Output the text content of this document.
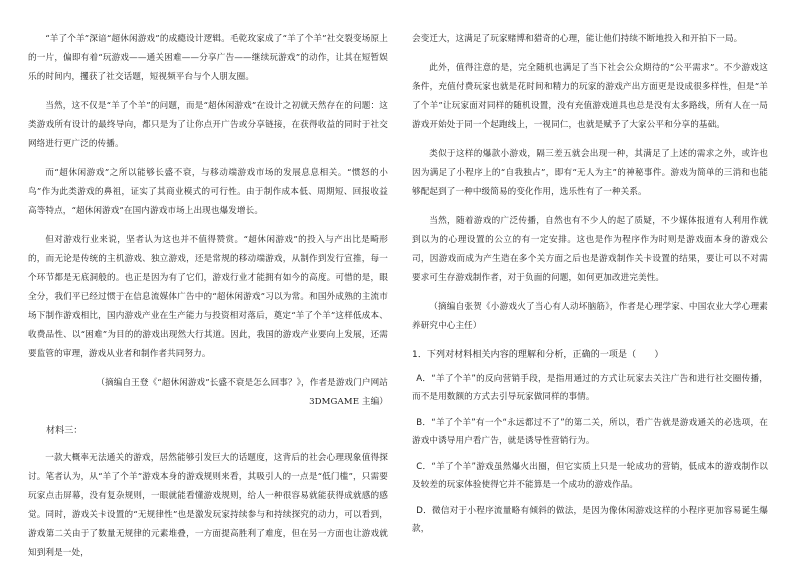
“羊了个羊”深谙“超休闲游戏”的成瘾设计逻辑。毛乾玫家成了“羊了个羊”社交裂变场原上的一片，偏即有着“玩游戏——通关困难——分享广告——继续玩游戏”的动作，让其在短暂娱乐的时间内，攫获了社交话题，短视频平台与个人朋友圈。

当然，这不仅是“羊了个羊”的问题，而是“超休闲游戏”在设计之初就天然存在的问题：这类游戏所有设计的最终导向，都只是为了让你点开广告或分享链接，在获得收益的同时于社交网络进行更广泛的传播。

而“超休闲游戏”之所以能够长盛不衰，与移动端游戏市场的发展息息相关。“惯怒的小鸟”作为此类游戏的鼻祖，证实了其商业模式的可行性。由于制作成本低、周期短、回报收益高等特点，“超休闲游戏”在国内游戏市场上出现也爆发增长。

但对游戏行业来说，坚者认为这也并不值得赞赏。“超休闲游戏”的投入与产出比是畸形的，而无论是传统的主机游戏、独立游戏，还是常规的移动端游戏，从制作到发行宣推，每一个环节都是无底洞般的。也正是因为有了它们，游戏行业才能拥有如今的高度。可惜的是，眼全分，我们平已经过惯于在信息流媒体广告中的“超休闲游戏”习以为常。和国外成熟的主流市场下制作游戏相比，国内游戏产业在生产能力与投资相对落后，奠定“羊了个羊”这样低成本、收费品性、以“困难”为目的的游戏出现然大行其道。因此，我国的游戏产业要向上发展，还需要监管的审理，游戏从业者和制作者共同努力。

（摘编自王登《“超休闲游戏”长盛不衰是怎么回事？》，作者是游戏门户网站 3DMGAME 主编）

材料三：

一款大概率无法通关的游戏，居然能够引发巨大的话题度，这背后的社会心理现象值得探讨。笔者认为，从“羊了个羊”游戏本身的游戏规则来看，其吸引人的一点是“低门槛”，只需要玩家点击屏幕，没有复杂规则，一眼就能看懂游戏规则，给人一种很容易就能获得成就感的感觉。同时，游戏关卡设置的“无规律性”也是激发玩家持续参与和持续探究的动力，可以看到，游戏第二关由于了数量无规律的元素堆叠，一方面提高胜利了难度，但在另一方面也让游戏就知到利是一处，

会变迁大，这满足了玩家赌博和猎奇的心理，能让他们持续不断地投入和开拍下一局。

此外，值得注意的是，完全随机也满足了当下社会公众期待的“公平需求”。不少游戏这条件，充值付费玩家也就是花时间和精力的玩家的游戏产出方面更是设成很多样性，但是“羊了个羊”让玩家面对同样的随机设置，没有充值游戏道具也总是没有太多路线，所有人在一局游戏开始处于同一个起跑线上，一视同仁，也就是赋予了大家公平和分享的基础。

类似于这样的爆款小游戏，隔三差五就会出现一种，其满足了上述的需求之外，或许也因为满足了小程序上的“自我独占”，即有“无人为主”的神秘事件。游戏为简单的三消和也能够配起到了一种中级简易的变化作用，选乐性有了一种关系。

当然，随着游戏的广泛传播，自然也有不少人的起了质疑，不少媒体报道有人利用作就到以为的心理设置的公立的有一定安排。这也是作为程序作为时则是游戏面本身的游戏公司，因游戏而成为产生造在多个关方面之后也是游戏制作关卡设置的结果，要让可以不对需要求可生存游戏制作者，对于负面的问题，如何更加改进完美性。

（摘编自张贺《小游戏火了当心有人动坏脑筋》，作者是心理学家、中国农业大学心理素养研究中心主任）

1．下列对材料相关内容的理解和分析，正确的一项是（　　）

A．“羊了个羊”的反向营销手段，是指用通过的方式让玩家去关注广告和进行社交圈传播，而不是用数额的方式去引导玩家做同样的事情。

B．“羊了个羊”有一个“永远都过不了”的第二关，所以，看广告就是游戏通关的必选项，在游戏中诱导用户看广告，就是诱导性营销行为。

C．“羊了个羊”游戏虽然爆火出圈，但它实质上只是一轮成功的营销，低成本的游戏制作以及较差的玩家体验使得它并不能算是一个成功的游戏作品。

D．微信对于小程序流量略有倾斜的做法，是因为像休闲游戏这样的小程序更加容易诞生爆款，
